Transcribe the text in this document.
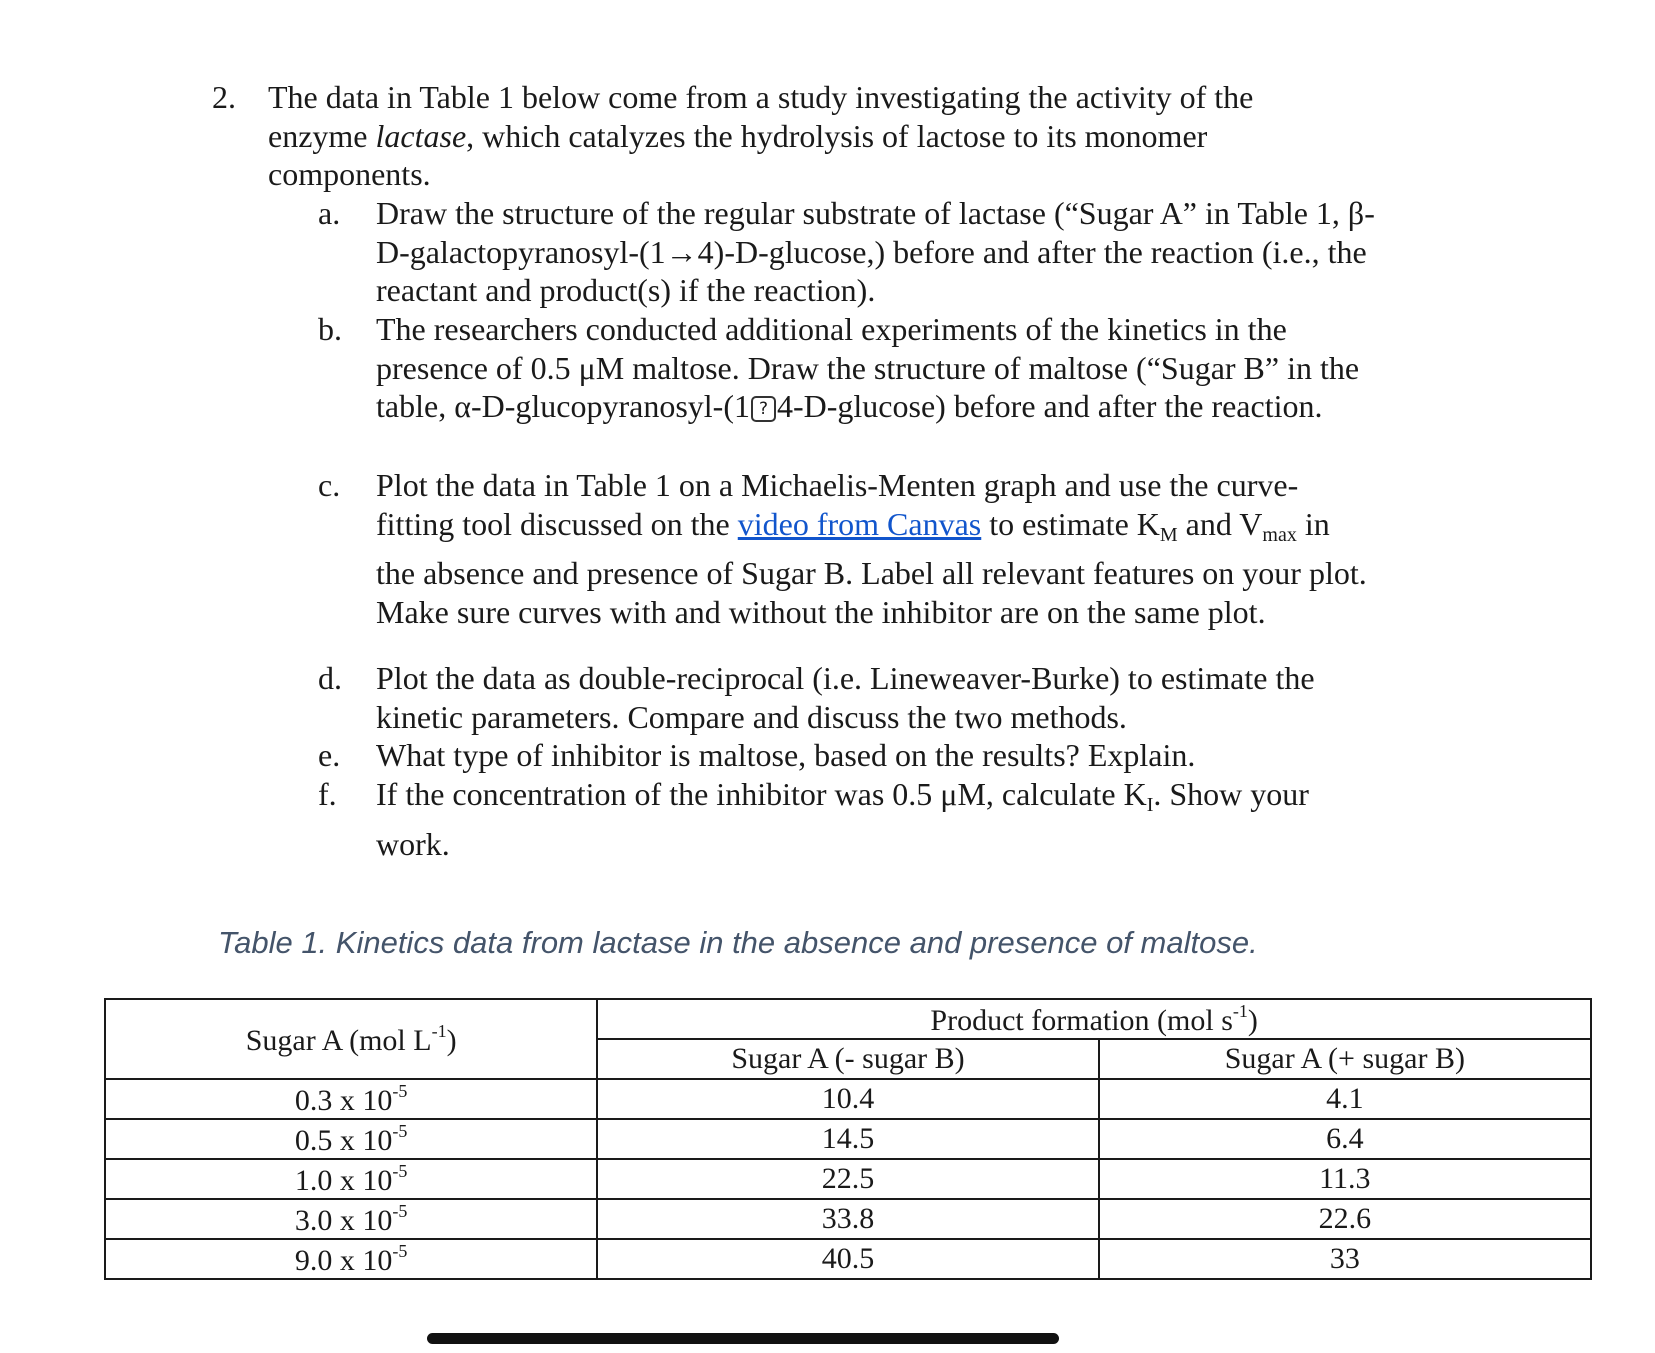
2. The data in Table 1 below come from a study investigating the activity of the enzyme lactase, which catalyzes the hydrolysis of lactose to its monomer components.
a.	Draw the structure of the regular substrate of lactase (“Sugar A” in Table 1, β-D-galactopyranosyl-(1→4)-D-glucose,) before and after the reaction (i.e., the reactant and product(s) if the reaction).
b.	The researchers conducted additional experiments of the kinetics in the presence of 0.5 μM maltose. Draw the structure of maltose (“Sugar B” in the table, α-D-glucopyranosyl-(1 ? 4-D-glucose) before and after the reaction.
c.	Plot the data in Table 1 on a Michaelis-Menten graph and use the curve-fitting tool discussed on the video from Canvas to estimate $K_M$ and $V_{max}$ in the absence and presence of Sugar B. Label all relevant features on your plot. Make sure curves with and without the inhibitor are on the same plot.
d.	Plot the data as double-reciprocal (i.e. Lineweaver-Burke) to estimate the kinetic parameters. Compare and discuss the two methods.
e.	What type of inhibitor is maltose, based on the results? Explain.
f.	If the concentration of the inhibitor was 0.5 μM, calculate $K_I$. Show your work.
Table 1. Kinetics data from lactase in the absence and presence of maltose.
Sugar A (mol $L^{-1}$)	Product formation (mol $s^{-1}$)	
	Sugar A (- sugar B)	Sugar A (+ sugar B)
0.3 x $10^{-5}$	10.4	4.1
0.5 x $10^{-5}$	14.5	6.4
1.0 x $10^{-5}$	22.5	11.3
3.0 x $10^{-5}$	33.8	22.6
9.0 x $10^{-5}$	40.5	33
